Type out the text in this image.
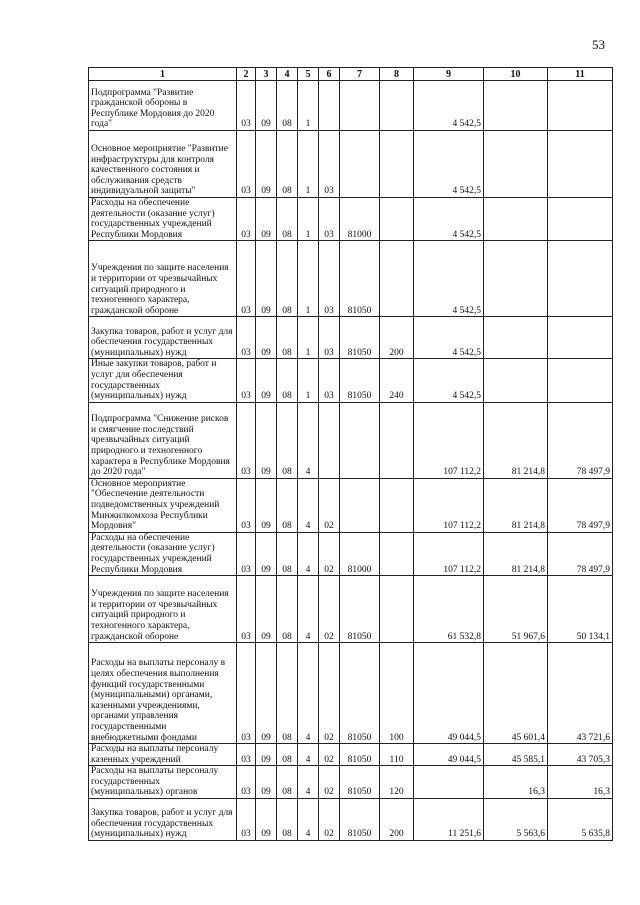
53
1	2	3	4	5	6	7	8	9	10	11
Подпрограмма "Развитие гражданской обороны в Республике Мордовия до 2020 года"	03	09	08	1				4 542,5		
Основное мероприятие "Развитие инфраструктуры для контроля качественного состояния и обслуживания средств индивидуальной защиты"	03	09	08	1	03			4 542,5		
Расходы на обеспечение деятельности (оказание услуг) государственных учреждений Республики Мордовия	03	09	08	1	03	81000		4 542,5		
Учреждения по защите населения и территории от чрезвычайных ситуаций природного и техногенного характера, гражданской обороне	03	09	08	1	03	81050		4 542,5		
Закупка товаров, работ и услуг для обеспечения государственных (муниципальных) нужд	03	09	08	1	03	81050	200	4 542,5		
Иные закупки товаров, работ и услуг для обеспечения государственных (муниципальных) нужд	03	09	08	1	03	81050	240	4 542,5		
Подпрограмма "Снижение рисков и смягчение последствий чрезвычайных ситуаций природного и техногенного характера в Республике Мордовия до 2020 года"	03	09	08	4				107 112,2	81 214,8	78 497,9
Основное мероприятие "Обеспечение деятельности подведомственных учреждений Минжилкомхоза Республики Мордовия"	03	09	08	4	02			107 112,2	81 214,8	78 497,9
Расходы на обеспечение деятельности (оказание услуг) государственных учреждений Республики Мордовия	03	09	08	4	02	81000		107 112,2	81 214,8	78 497,9
Учреждения по защите населения и территории от чрезвычайных ситуаций природного и техногенного характера, гражданской обороне	03	09	08	4	02	81050		61 532,8	51 967,6	50 134,1
Расходы на выплаты персоналу в целях обеспечения выполнения функций государственными (муниципальными) органами, казенными учреждениями, органами управления государственными внебюджетными фондами	03	09	08	4	02	81050	100	49 044,5	45 601,4	43 721,6
Расходы на выплаты персоналу казенных учреждений	03	09	08	4	02	81050	110	49 044,5	45 585,1	43 705,3
Расходы на выплаты персоналу государственных (муниципальных) органов	03	09	08	4	02	81050	120		16,3	16,3
Закупка товаров, работ и услуг для обеспечения государственных (муниципальных) нужд	03	09	08	4	02	81050	200	11 251,6	5 563,6	5 635,8
